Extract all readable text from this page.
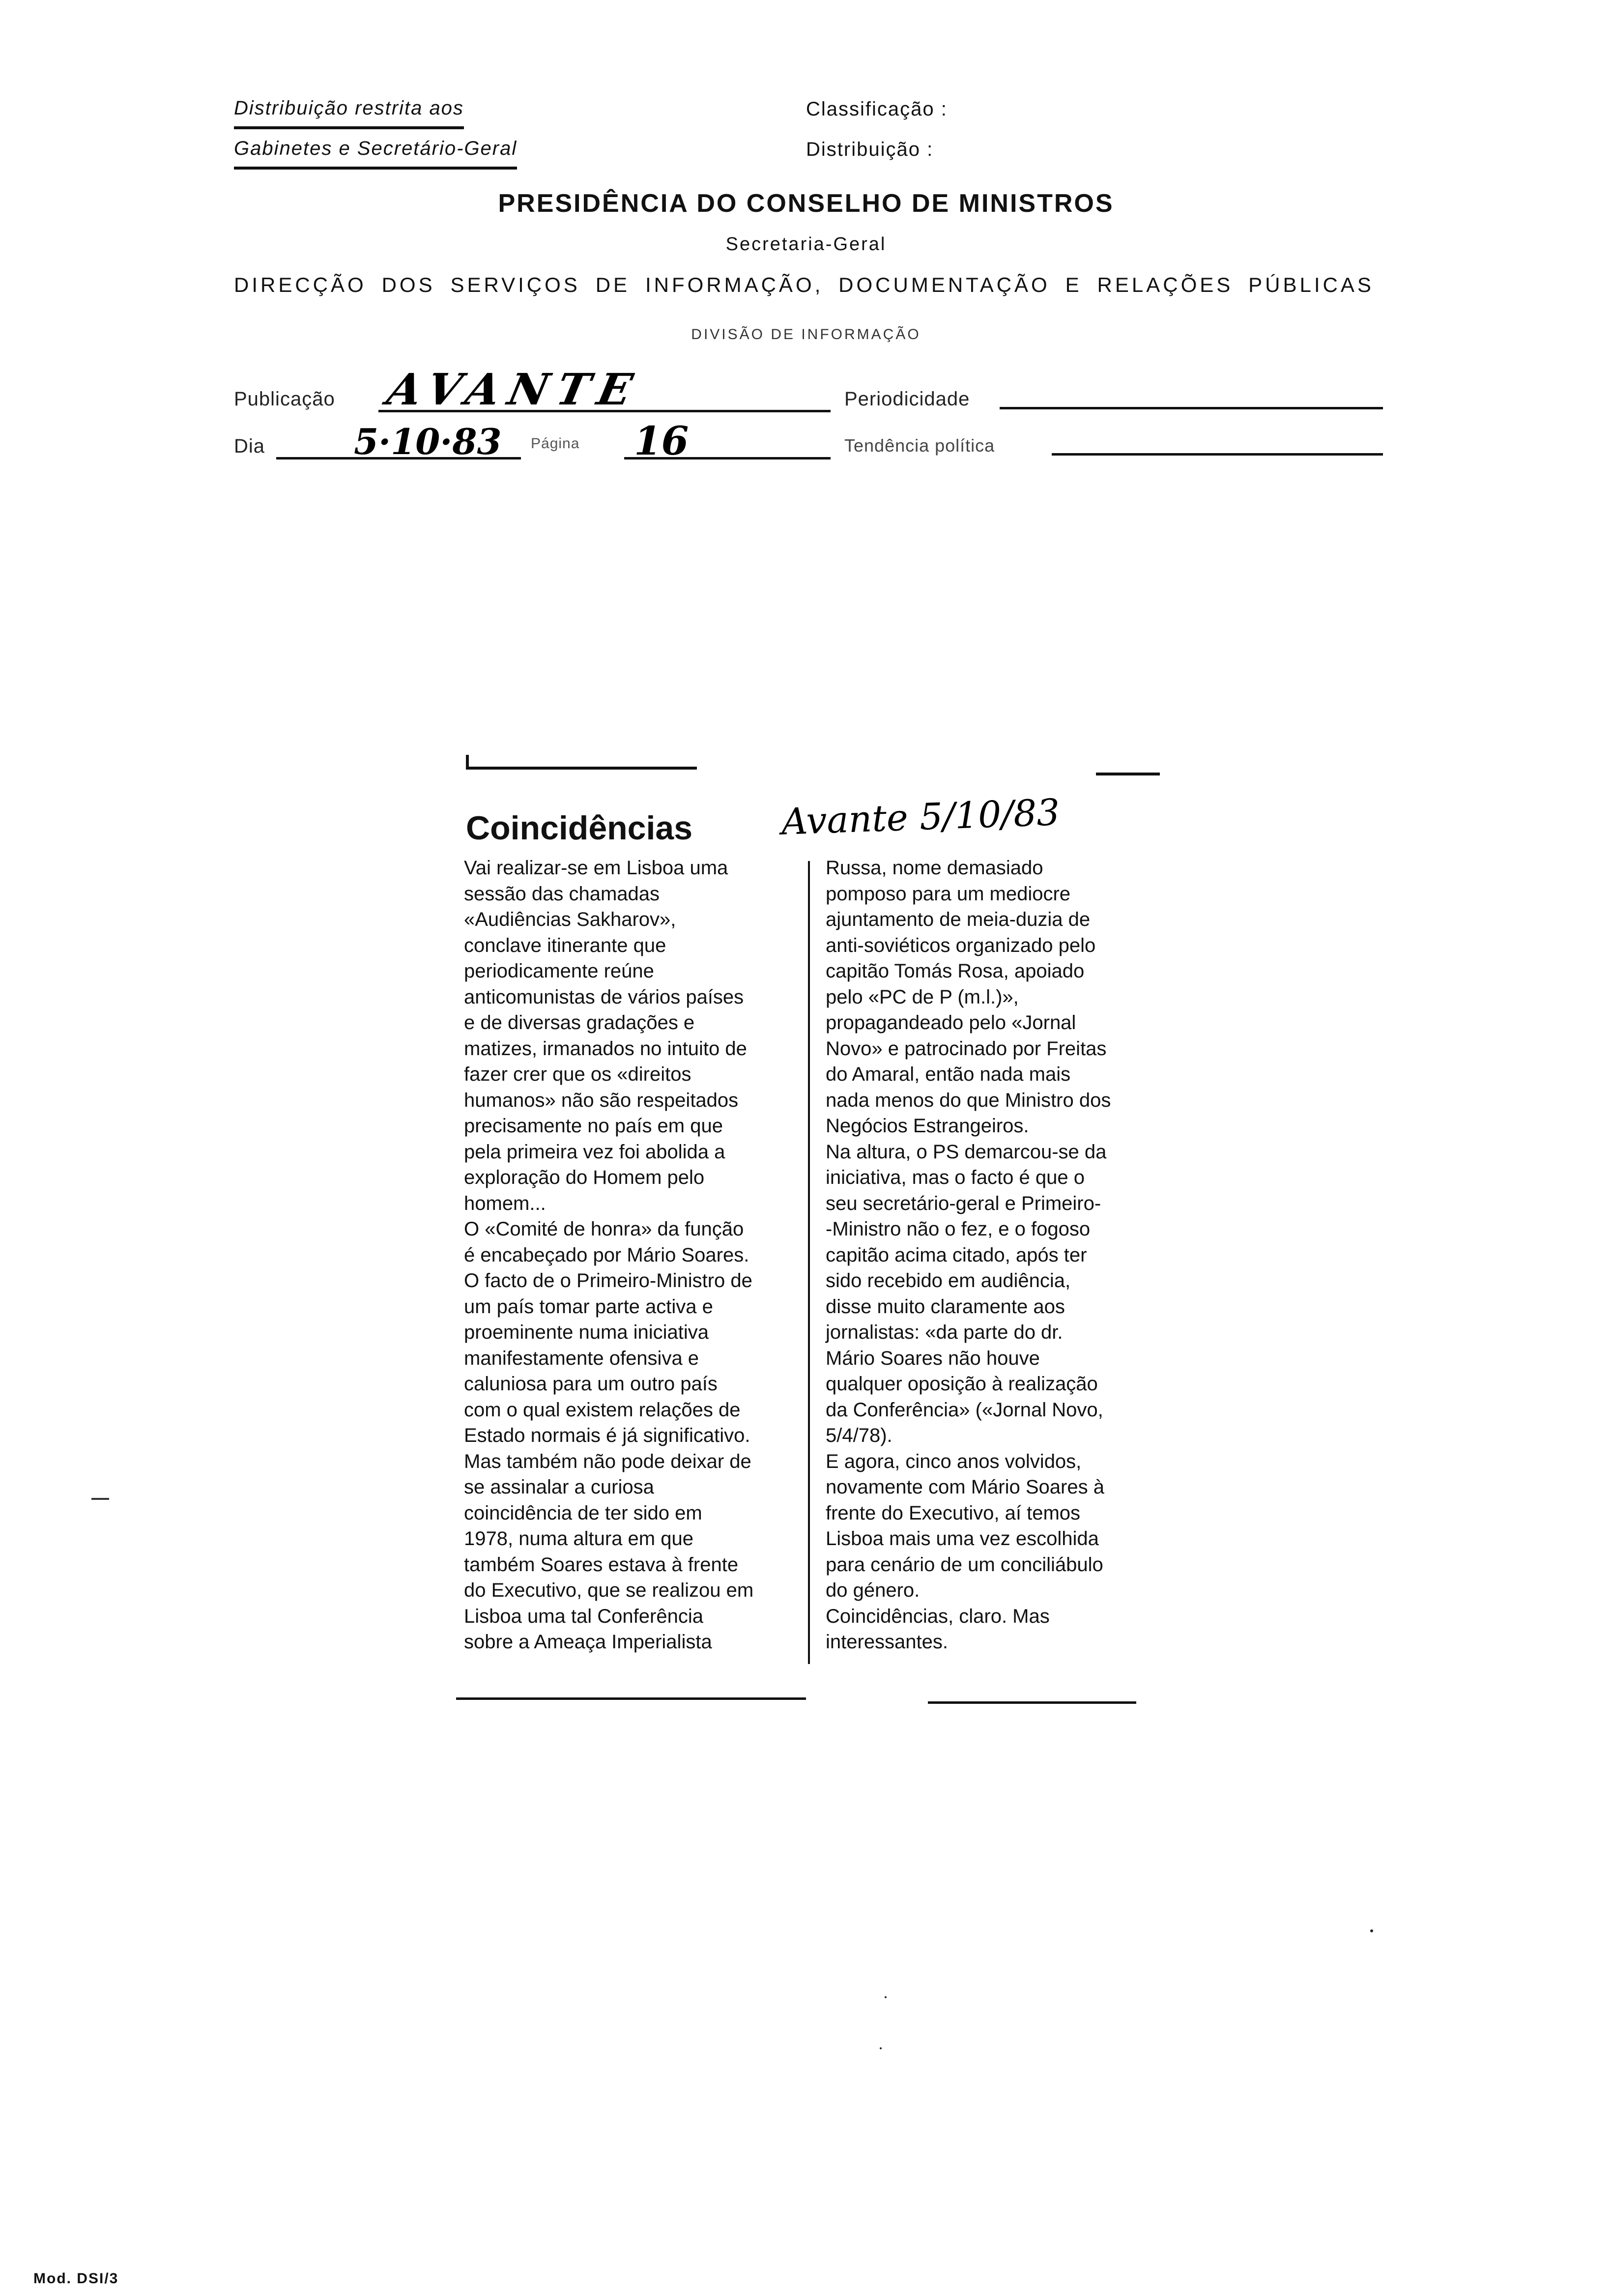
Distribuição restrita aos
Gabinetes e Secretário-Geral
Classificação :
Distribuição :
PRESIDÊNCIA DO CONSELHO DE MINISTROS
Secretaria-Geral
DIRECÇÃO DOS SERVIÇOS DE INFORMAÇÃO, DOCUMENTAÇÃO E RELAÇÕES PÚBLICAS
DIVISÃO DE INFORMAÇÃO
Publicação AVANTE	Periodicidade
Dia	5·10·83 Página 16	Tendência política
Coincidências Avante 5/10/83
Vai realizar-se em Lisboa uma
sessão das chamadas
«Audiências Sakharov»,
conclave itinerante que
periodicamente reúne
anticomunistas de vários países
e de diversas gradações e
matizes, irmanados no intuito de
fazer crer que os «direitos
humanos» não são respeitados
precisamente no país em que
pela primeira vez foi abolida a
exploração do Homem pelo
homem...
O «Comité de honra» da função
é encabeçado por Mário Soares.
O facto de o Primeiro-Ministro de
um país tomar parte activa e
proeminente numa iniciativa
manifestamente ofensiva e
caluniosa para um outro país
com o qual existem relações de
Estado normais é já significativo.
Mas também não pode deixar de
se assinalar a curiosa
coincidência de ter sido em
1978, numa altura em que
também Soares estava à frente
do Executivo, que se realizou em
Lisboa uma tal Conferência
sobre a Ameaça Imperialista
Russa, nome demasiado
pomposo para um mediocre
ajuntamento de meia-duzia de
anti-soviéticos organizado pelo
capitão Tomás Rosa, apoiado
pelo «PC de P (m.l.)»,
propagandeado pelo «Jornal
Novo» e patrocinado por Freitas
do Amaral, então nada mais
nada menos do que Ministro dos
Negócios Estrangeiros.
Na altura, o PS demarcou-se da
iniciativa, mas o facto é que o
seu secretário-geral e Primeiro-
-Ministro não o fez, e o fogoso
capitão acima citado, após ter
sido recebido em audiência,
disse muito claramente aos
jornalistas: «da parte do dr.
Mário Soares não houve
qualquer oposição à realização
da Conferência» («Jornal Novo,
5/4/78).
E agora, cinco anos volvidos,
novamente com Mário Soares à
frente do Executivo, aí temos
Lisboa mais uma vez escolhida
para cenário de um conciliábulo
do género.
Coincidências, claro. Mas
interessantes.
Mod. DSI/3
